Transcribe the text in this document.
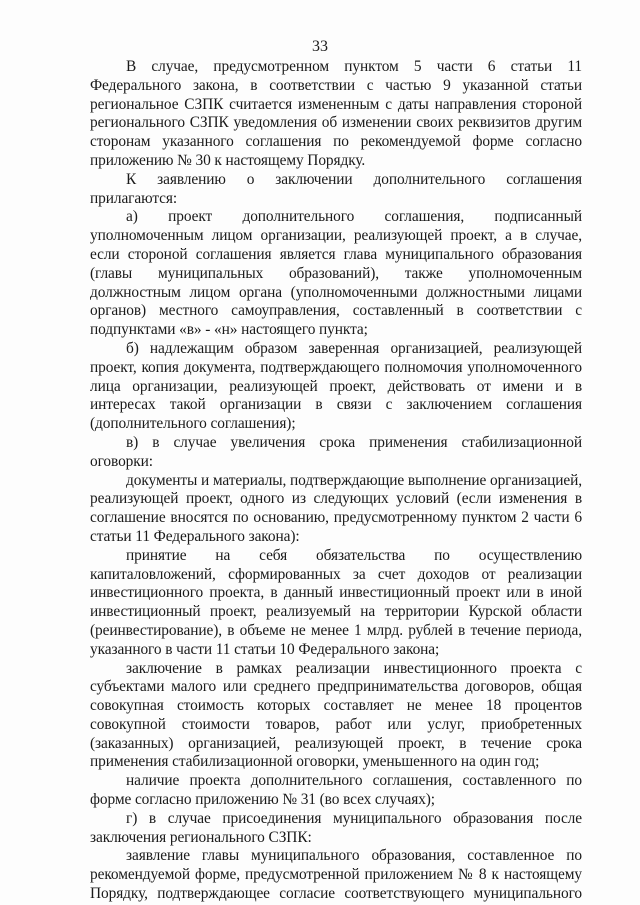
33

В случае, предусмотренном пунктом 5 части 6 статьи 11 Федерального закона, в соответствии с частью 9 указанной статьи региональное СЗПК считается измененным с даты направления стороной регионального СЗПК уведомления об изменении своих реквизитов другим сторонам указанного соглашения по рекомендуемой форме согласно приложению № 30 к настоящему Порядку.

К заявлению о заключении дополнительного соглашения прилагаются:

а) проект дополнительного соглашения, подписанный уполномоченным лицом организации, реализующей проект, а в случае, если стороной соглашения является глава муниципального образования (главы муниципальных образований), также уполномоченным должностным лицом органа (уполномоченными должностными лицами органов) местного самоуправления, составленный в соответствии с подпунктами «в» - «н» настоящего пункта;

б) надлежащим образом заверенная организацией, реализующей проект, копия документа, подтверждающего полномочия уполномоченного лица организации, реализующей проект, действовать от имени и в интересах такой организации в связи с заключением соглашения (дополнительного соглашения);

в) в случае увеличения срока применения стабилизационной оговорки:

документы и материалы, подтверждающие выполнение организацией, реализующей проект, одного из следующих условий (если изменения в соглашение вносятся по основанию, предусмотренному пунктом 2 части 6 статьи 11 Федерального закона):

принятие на себя обязательства по осуществлению капиталовложений, сформированных за счет доходов от реализации инвестиционного проекта, в данный инвестиционный проект или в иной инвестиционный проект, реализуемый на территории Курской области (реинвестирование), в объеме не менее 1 млрд. рублей в течение периода, указанного в части 11 статьи 10 Федерального закона;

заключение в рамках реализации инвестиционного проекта с субъектами малого или среднего предпринимательства договоров, общая совокупная стоимость которых составляет не менее 18 процентов совокупной стоимости товаров, работ или услуг, приобретенных (заказанных) организацией, реализующей проект, в течение срока применения стабилизационной оговорки, уменьшенного на один год;

наличие проекта дополнительного соглашения, составленного по форме согласно приложению № 31 (во всех случаях);

г) в случае присоединения муниципального образования после заключения регионального СЗПК:

заявление главы муниципального образования, составленное по рекомендуемой форме, предусмотренной приложением № 8 к настоящему Порядку, подтверждающее согласие соответствующего муниципального
